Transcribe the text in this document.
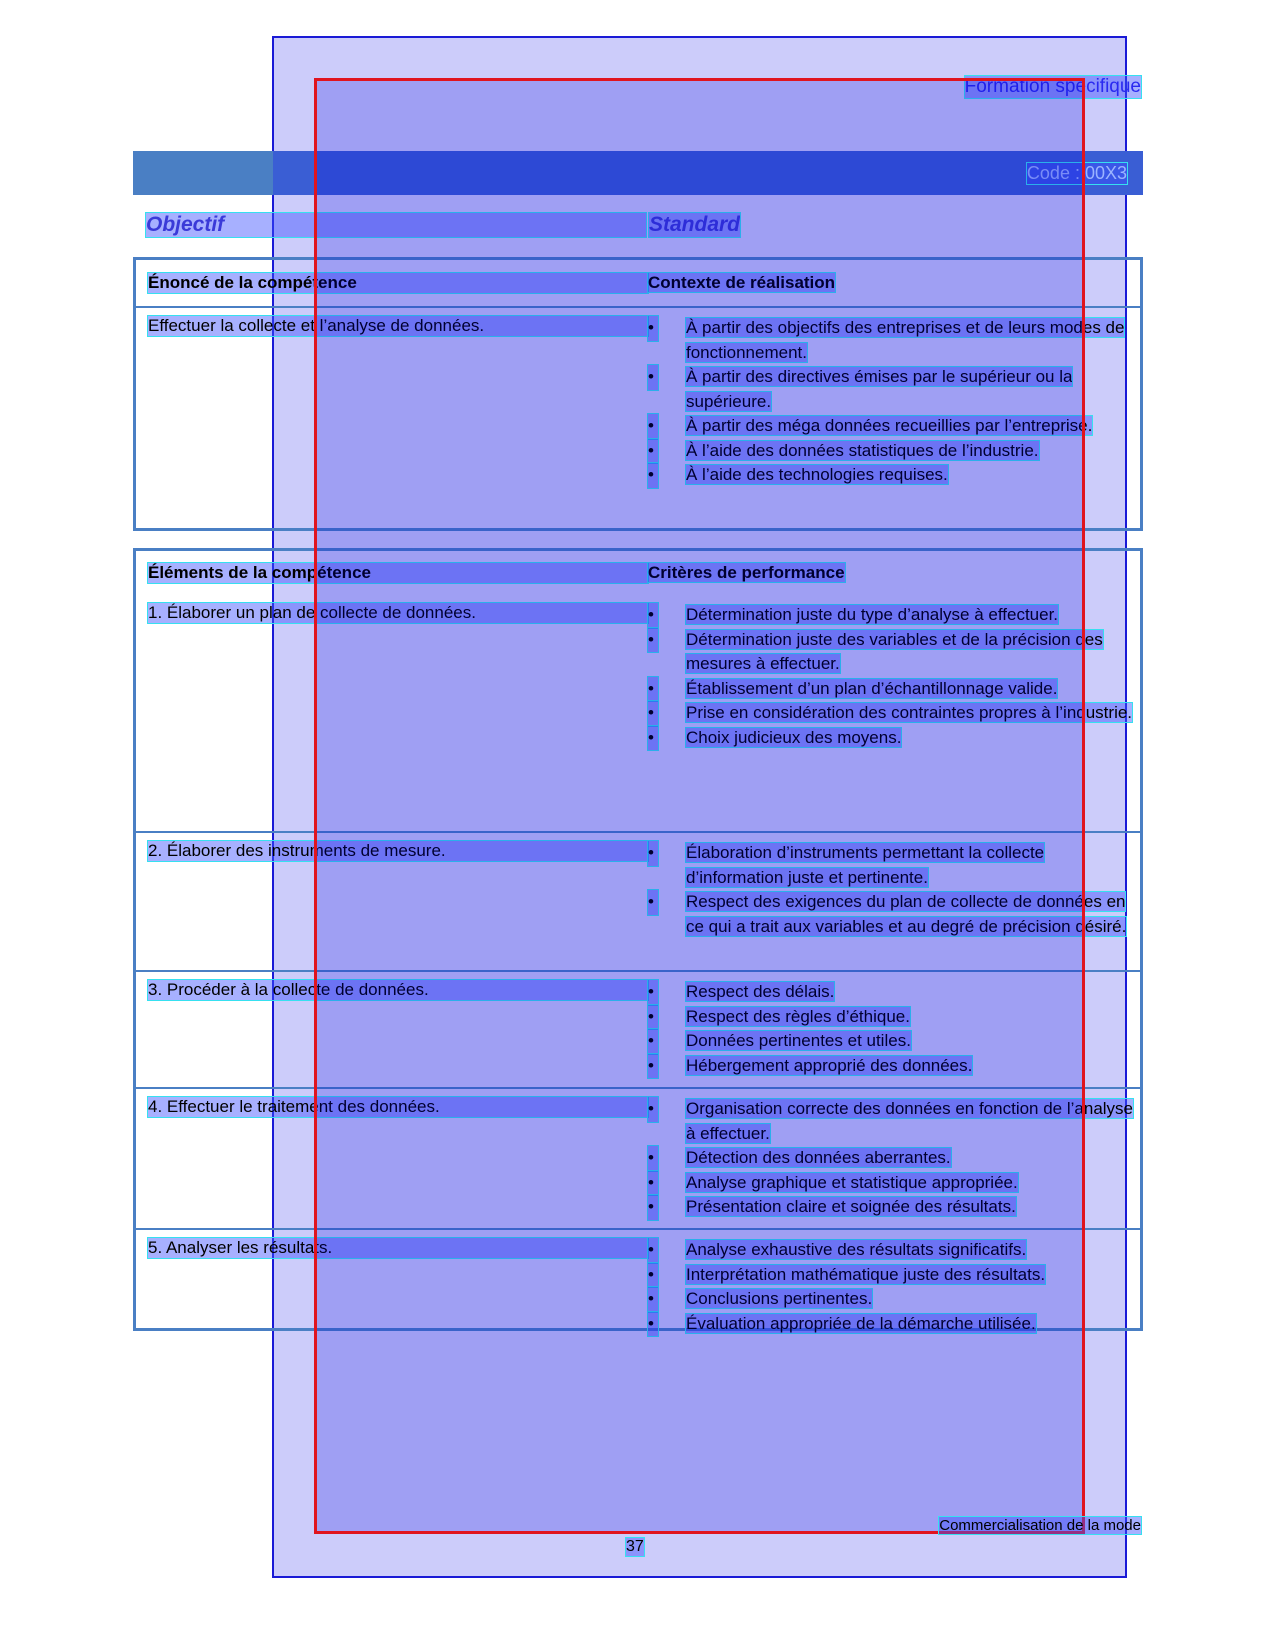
Formation spécifique
Code : 00X3
Objectif	Standard
Énoncé de la compétence	Contexte de réalisation
Effectuer la collecte et l’analyse de données.	• À partir des objectifs des entreprises et de leurs modes de fonctionnement.
• À partir des directives émises par le supérieur ou la supérieure.
• À partir des méga données recueillies par l’entreprise.
• À l’aide des données statistiques de l’industrie.
• À l’aide des technologies requises.
Éléments de la compétence	Critères de performance
1. Élaborer un plan de collecte de données.	• Détermination juste du type d’analyse à effectuer.
• Détermination juste des variables et de la précision des mesures à effectuer.
• Établissement d’un plan d’échantillonnage valide.
• Prise en considération des contraintes propres à l’industrie.
• Choix judicieux des moyens.
2. Élaborer des instruments de mesure.	• Élaboration d’instruments permettant la collecte d’information juste et pertinente.
• Respect des exigences du plan de collecte de données en ce qui a trait aux variables et au degré de précision désiré.
3. Procéder à la collecte de données.	• Respect des délais.
• Respect des règles d’éthique.
• Données pertinentes et utiles.
• Hébergement approprié des données.
4. Effectuer le traitement des données.	• Organisation correcte des données en fonction de l’analyse à effectuer.
• Détection des données aberrantes.
• Analyse graphique et statistique appropriée.
• Présentation claire et soignée des résultats.
5. Analyser les résultats.	• Analyse exhaustive des résultats significatifs.
• Interprétation mathématique juste des résultats.
• Conclusions pertinentes.
• Évaluation appropriée de la démarche utilisée.
Commercialisation de la mode
37
